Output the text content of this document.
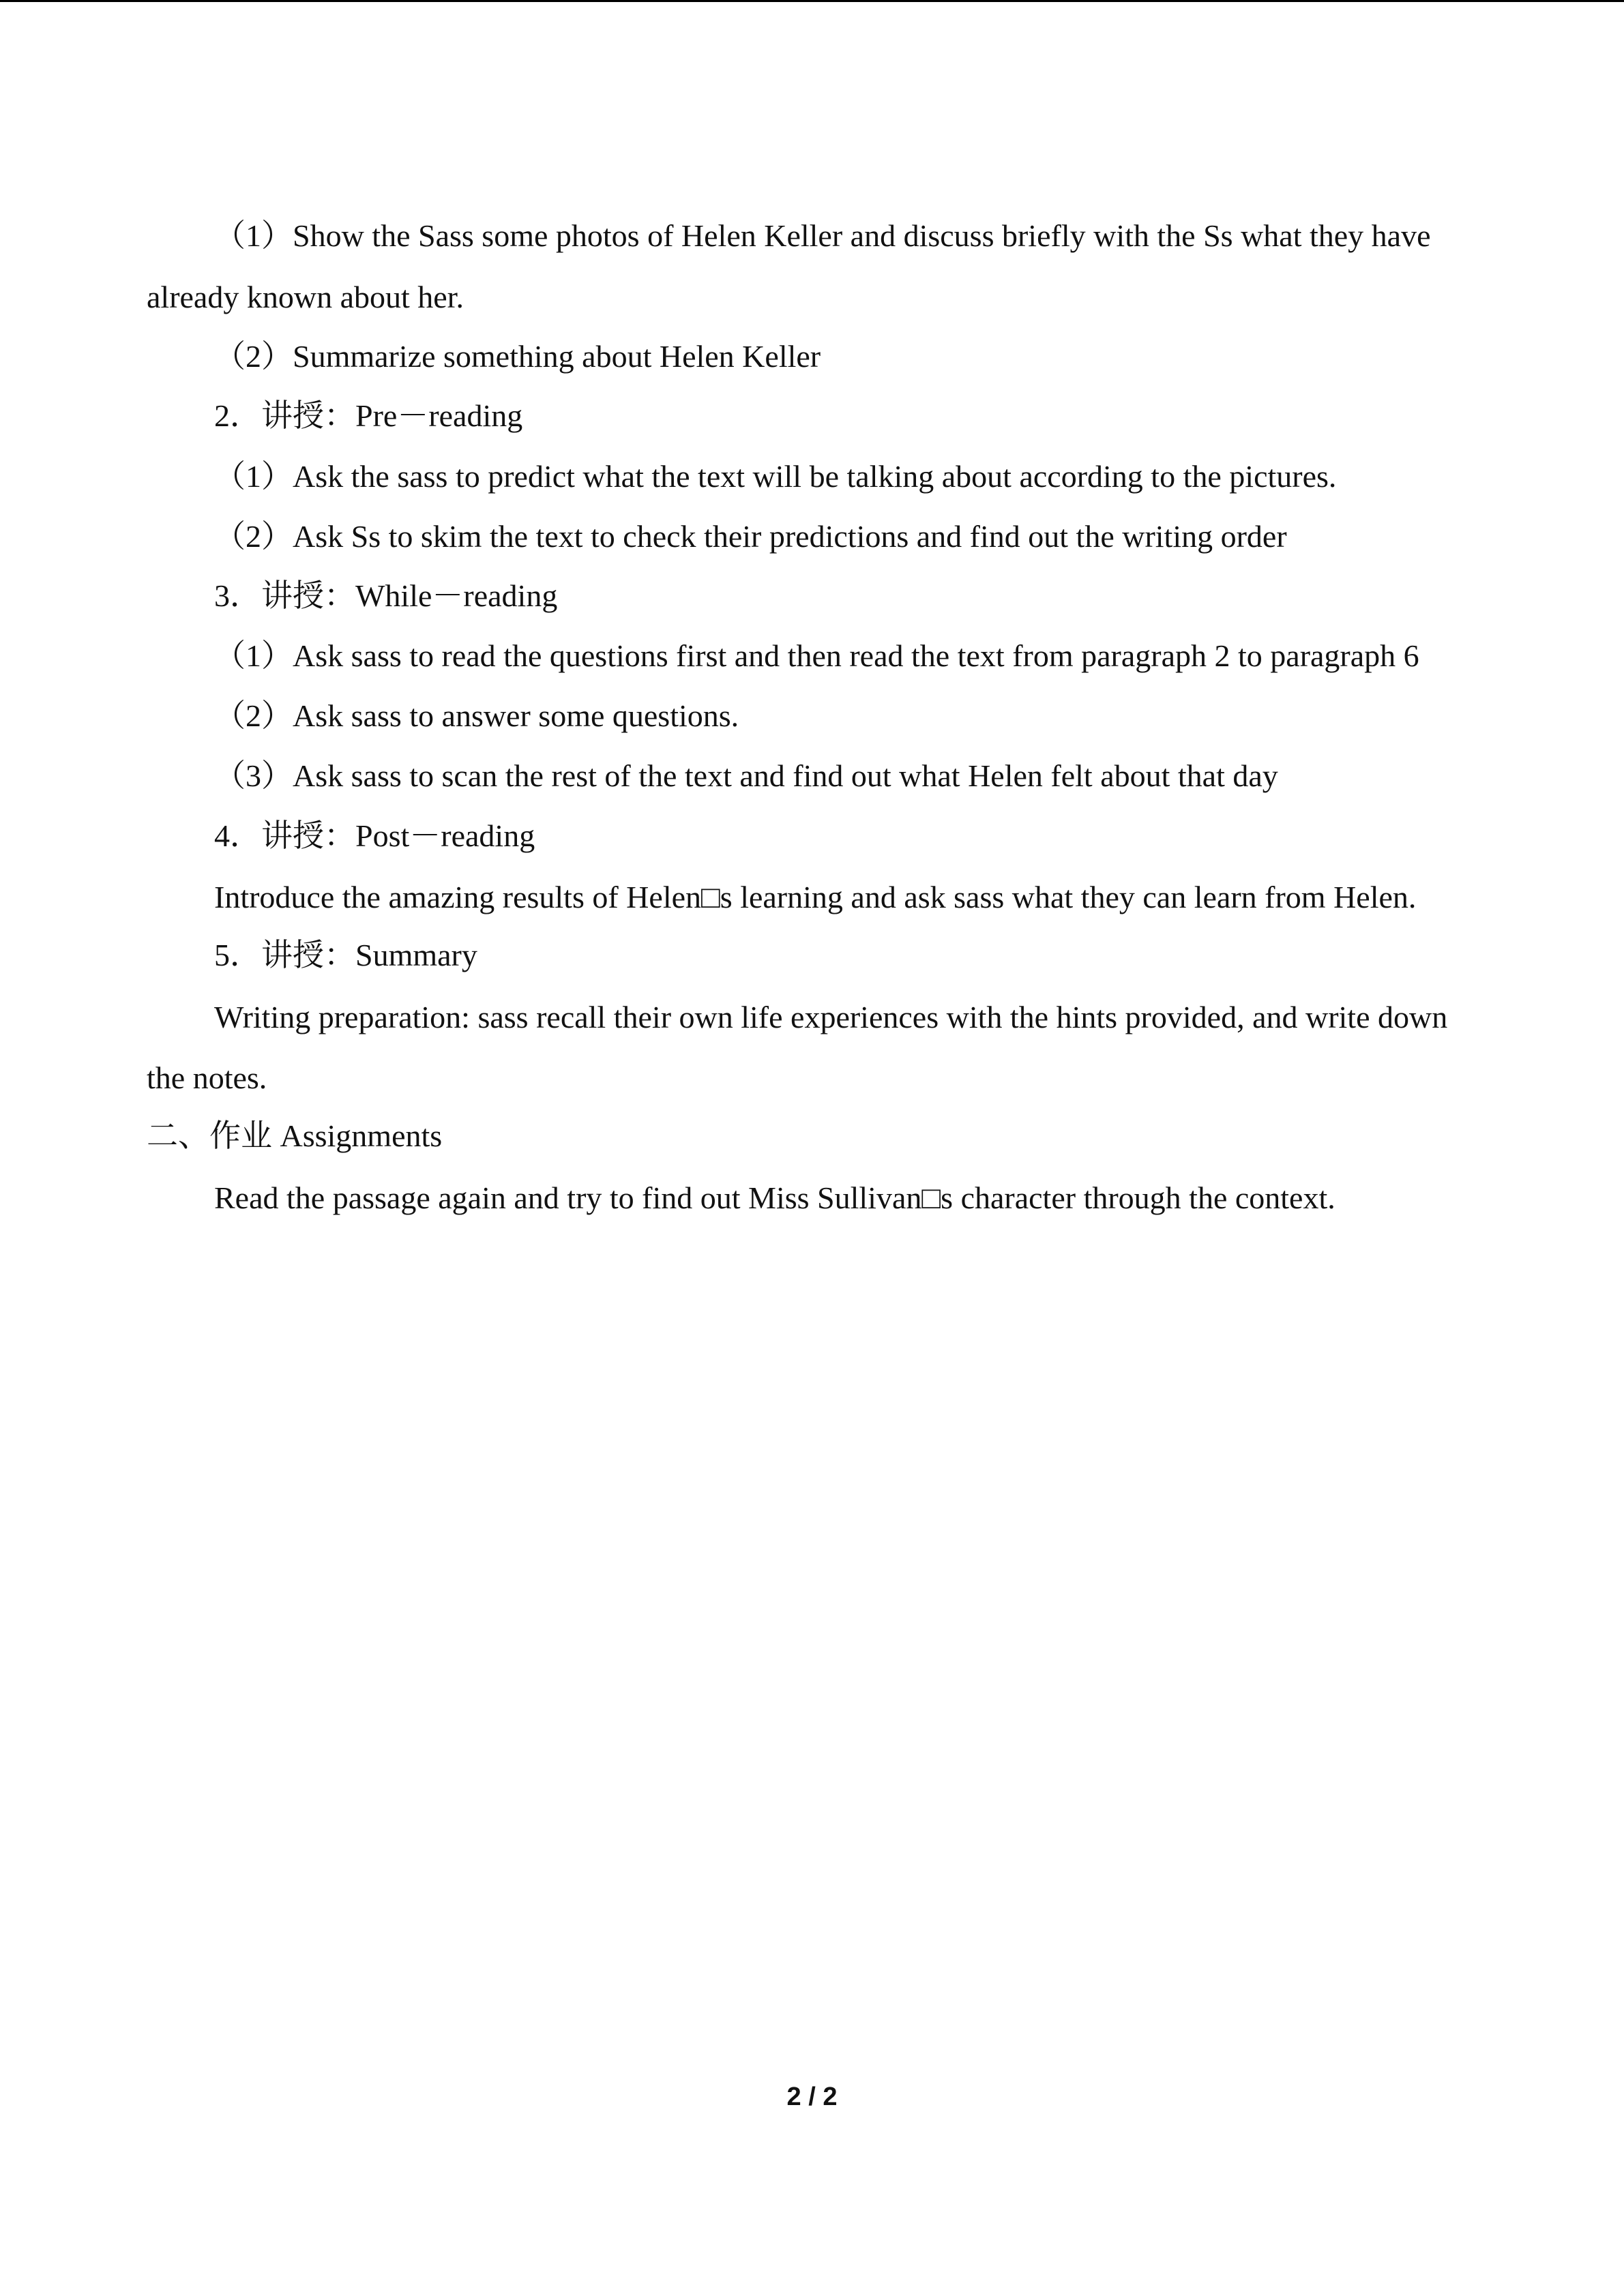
（1）Show the Sass some photos of Helen Keller and discuss briefly with the Ss what they have
already known about her.
（2）Summarize something about Helen Keller
2．讲授：Pre－reading
（1）Ask the sass to predict what the text will be talking about according to the pictures.
（2）Ask Ss to skim the text to check their predictions and find out the writing order
3．讲授：While－reading
（1）Ask sass to read the questions first and then read the text from paragraph 2 to paragraph 6
（2）Ask sass to answer some questions.
（3）Ask sass to scan the rest of the text and find out what Helen felt about that day
4．讲授：Post－reading
Introduce the amazing results of Helen□s learning and ask sass what they can learn from Helen.
5．讲授：Summary
Writing preparation: sass recall their own life experiences with the hints provided, and write down
the notes.
二、作业 Assignments
Read the passage again and try to find out Miss Sullivan□s character through the context.
2 / 2
